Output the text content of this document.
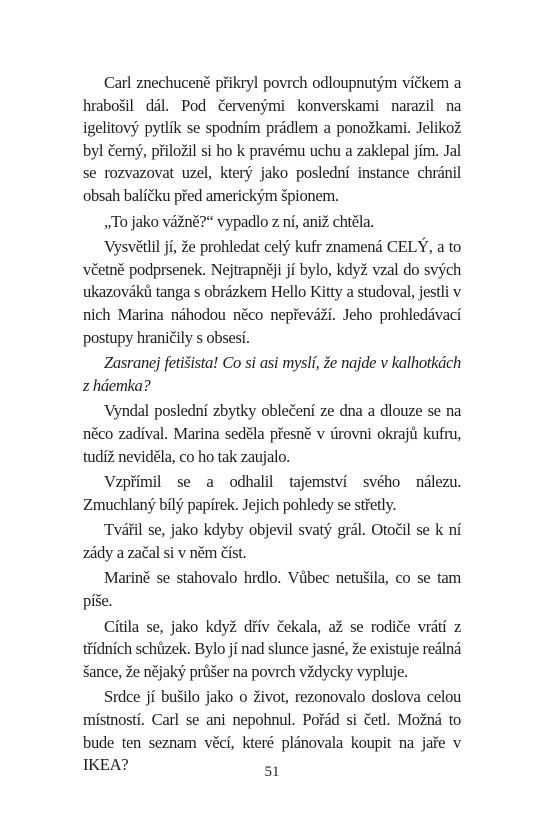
Carl znechuceně přikryl povrch odloupnutým víčkem a hrabošil dál. Pod červenými konverskami narazil na igelitový pytlík se spodním prádlem a ponožkami. Jelikož byl černý, přiložil si ho k pravému uchu a zaklepal jím. Jal se rozvazovat uzel, který jako poslední instance chránil obsah balíčku před americkým špionem.

„To jako vážně?“ vypadlo z ní, aniž chtěla.

Vysvětlil jí, že prohledat celý kufr znamená CELÝ, a to včetně podprsenek. Nejtrapněji jí bylo, když vzal do svých ukazováků tanga s obrázkem Hello Kitty a studoval, jestli v nich Marina náhodou něco nepřeváží. Jeho prohledávací postupy hraničily s obsesí.

Zasranej fetišista! Co si asi myslí, že najde v kalhotkách z háemka?

Vyndal poslední zbytky oblečení ze dna a dlouze se na něco zadíval. Marina seděla přesně v úrovni okrajů kufru, tudíž neviděla, co ho tak zaujalo.

Vzpřímil se a odhalil tajemství svého nálezu. Zmuchlaný bílý papírek. Jejich pohledy se střetly.

Tvářil se, jako kdyby objevil svatý grál. Otočil se k ní zády a začal si v něm číst.

Marině se stahovalo hrdlo. Vůbec netušila, co se tam píše.

Cítila se, jako když dřív čekala, až se rodiče vrátí z třídních schůzek. Bylo jí nad slunce jasné, že existuje reálná šance, že nějaký průšer na povrch vždycky vypluje.

Srdce jí bušilo jako o život, rezonovalo doslova celou místností. Carl se ani nepohnul. Pořád si četl. Možná to bude ten seznam věcí, které plánovala koupit na jaře v IKEA?	51
